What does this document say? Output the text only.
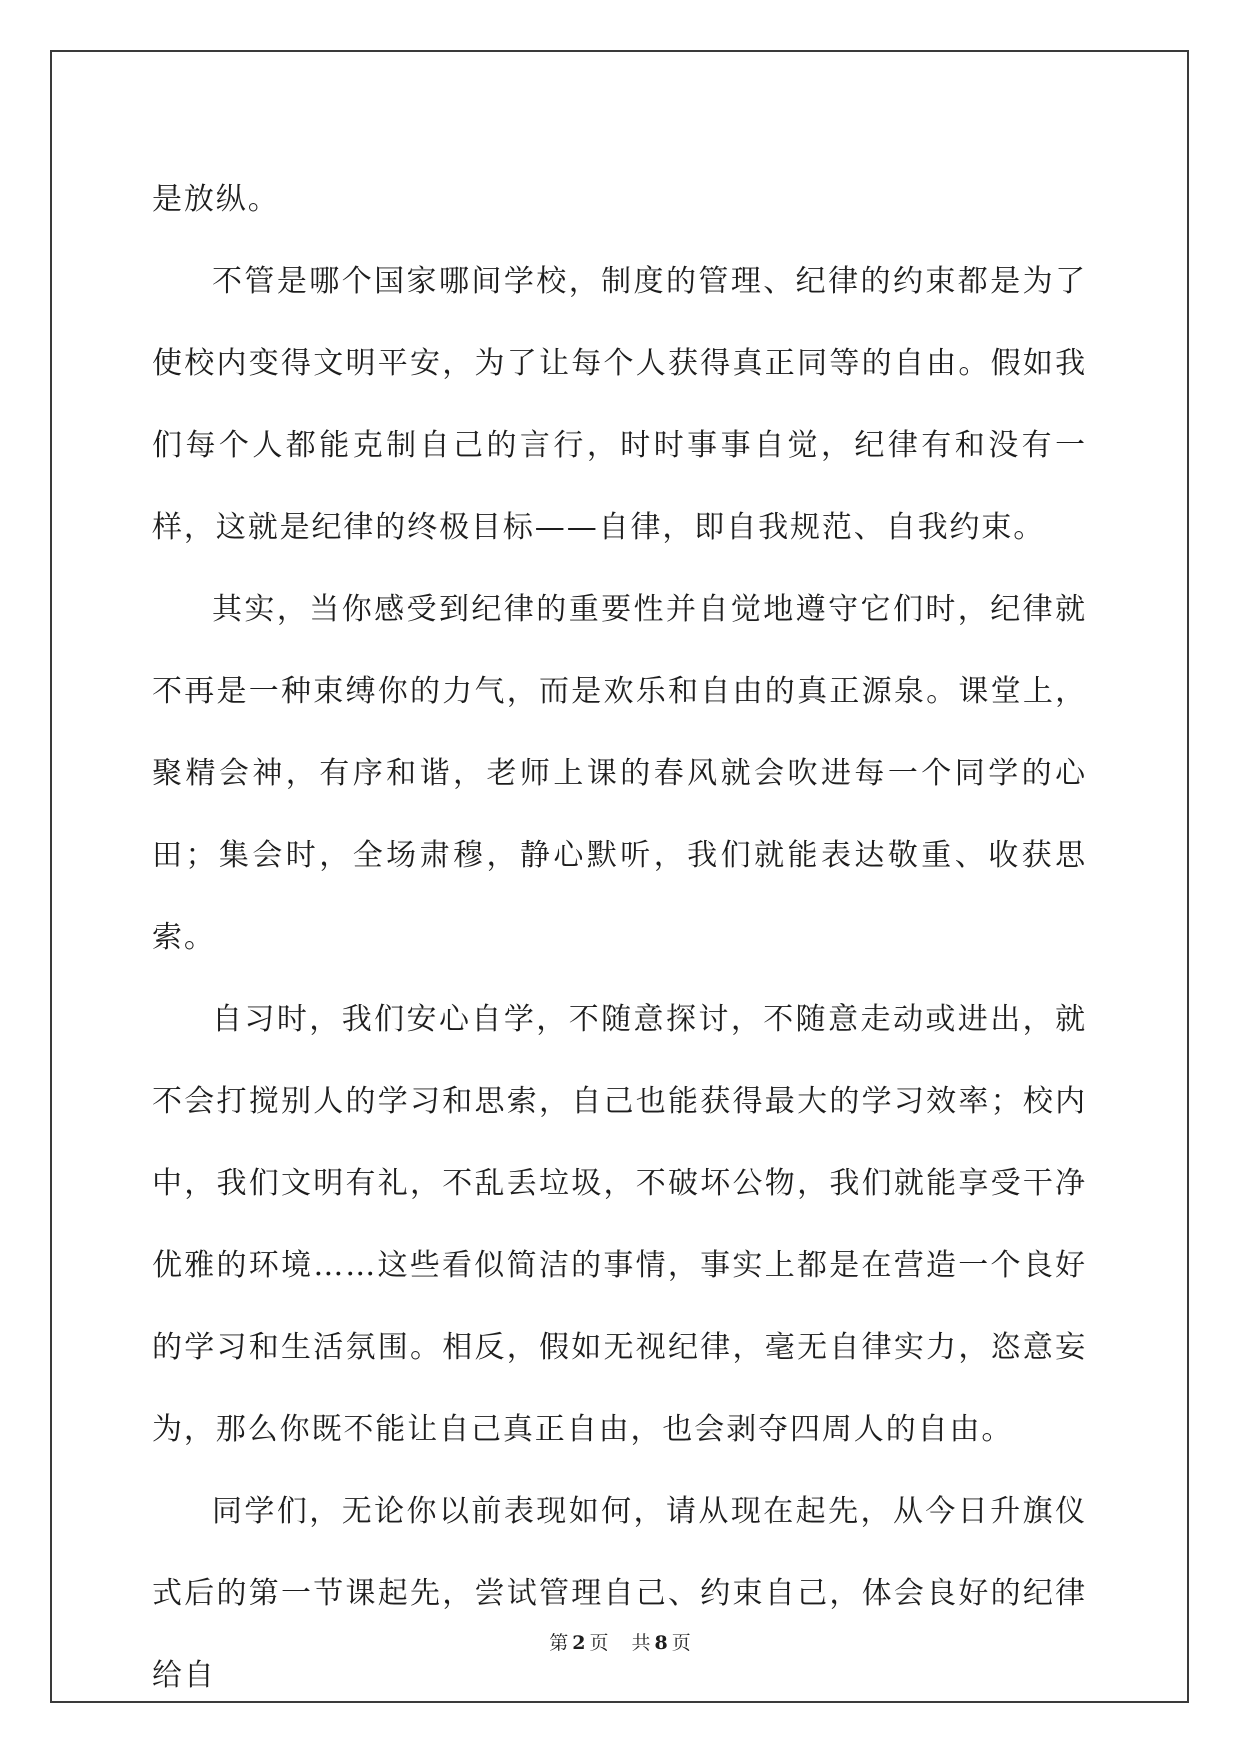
是放纵。

不管是哪个国家哪间学校，制度的管理、纪律的约束都是为了使校内变得文明平安，为了让每个人获得真正同等的自由。假如我们每个人都能克制自己的言行，时时事事自觉，纪律有和没有一样，这就是纪律的终极目标——自律，即自我规范、自我约束。

其实，当你感受到纪律的重要性并自觉地遵守它们时，纪律就不再是一种束缚你的力气，而是欢乐和自由的真正源泉。课堂上，聚精会神，有序和谐，老师上课的春风就会吹进每一个同学的心田；集会时，全场肃穆，静心默听，我们就能表达敬重、收获思索。

自习时，我们安心自学，不随意探讨，不随意走动或进出，就不会打搅别人的学习和思索，自己也能获得最大的学习效率；校内中，我们文明有礼，不乱丢垃圾，不破坏公物，我们就能享受干净优雅的环境……这些看似简洁的事情，事实上都是在营造一个良好的学习和生活氛围。相反，假如无视纪律，毫无自律实力，恣意妄为，那么你既不能让自己真正自由，也会剥夺四周人的自由。

同学们，无论你以前表现如何，请从现在起先，从今日升旗仪式后的第一节课起先，尝试管理自己、约束自己，体会良好的纪律给自

第 2 页 共 8 页
